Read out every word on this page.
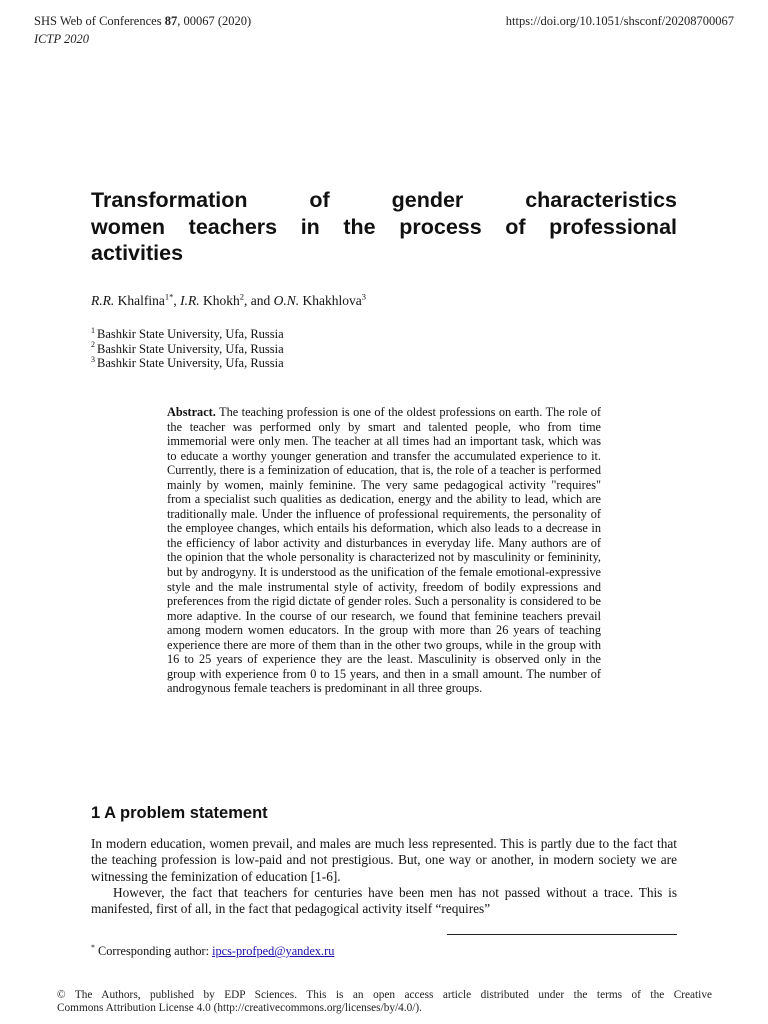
SHS Web of Conferences 87, 00067 (2020)
ICTP 2020
https://doi.org/10.1051/shsconf/20208700067
Transformation of gender characteristics
women teachers in the process of professional
activities
R.R. Khalfina$^{1*}$, I.R. Khokh$^2$, and O.N. Khakhlova$^3$
$^1$ Bashkir State University, Ufa, Russia
$^2$ Bashkir State University, Ufa, Russia
$^3$ Bashkir State University, Ufa, Russia

Abstract. The teaching profession is one of the oldest professions on earth. The role of the teacher was performed only by smart and talented people, who from time immemorial were only men. The teacher at all times had an important task, which was to educate a worthy younger generation and transfer the accumulated experience to it. Currently, there is a feminization of education, that is, the role of a teacher is performed mainly by women, mainly feminine. The very same pedagogical activity "requires" from a specialist such qualities as dedication, energy and the ability to lead, which are traditionally male. Under the influence of professional requirements, the personality of the employee changes, which entails his deformation, which also leads to a decrease in the efficiency of labor activity and disturbances in everyday life. Many authors are of the opinion that the whole personality is characterized not by masculinity or femininity, but by androgyny. It is understood as the unification of the female emotional-expressive style and the male instrumental style of activity, freedom of bodily expressions and preferences from the rigid dictate of gender roles. Such a personality is considered to be more adaptive. In the course of our research, we found that feminine teachers prevail among modern women educators. In the group with more than 26 years of teaching experience there are more of them than in the other two groups, while in the group with 16 to 25 years of experience they are the least. Masculinity is observed only in the group with experience from 0 to 15 years, and then in a small amount. The number of androgynous female teachers is predominant in all three groups.

1 A problem statement
In modern education, women prevail, and males are much less represented. This is partly due to the fact that the teaching profession is low-paid and not prestigious. But, one way or another, in modern society we are witnessing the feminization of education [1-6].
However, the fact that teachers for centuries have been men has not passed without a trace. This is manifested, first of all, in the fact that pedagogical activity itself “requires”
* Corresponding author: ipcs-profped@yandex.ru

© The Authors, published by EDP Sciences. This is an open access article distributed under the terms of the Creative
Commons Attribution License 4.0 (http://creativecommons.org/licenses/by/4.0/).
